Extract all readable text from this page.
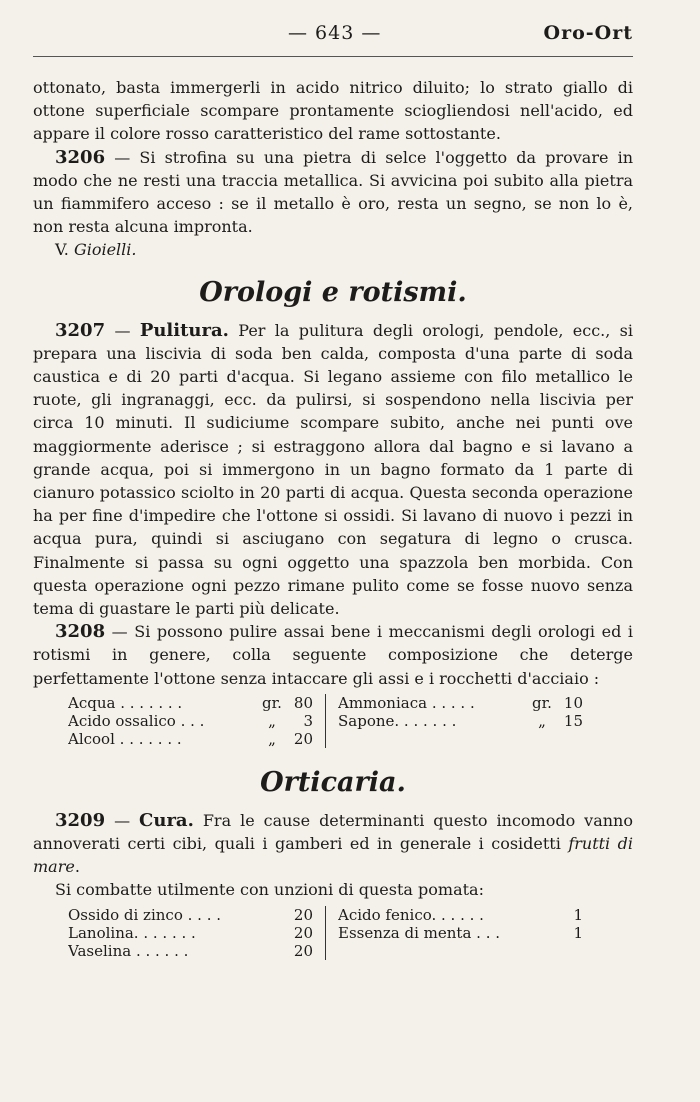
— 643 —	Oro-Ort

ottonato, basta immergerli in acido nitrico diluito; lo strato giallo di ottone superficiale scompare prontamente sciogliendosi nell'acido, ed appare il colore rosso caratteristico del rame sottostante.

3206 — Si strofina su una pietra di selce l'oggetto da provare in modo che ne resti una traccia metallica. Si avvicina poi subito alla pietra un fiammifero acceso : se il metallo è oro, resta un segno, se non lo è, non resta alcuna impronta.

V. Gioielli.

Orologi e rotismi.

3207 — Pulitura. Per la pulitura degli orologi, pendole, ecc., si prepara una liscivia di soda ben calda, composta d'una parte di soda caustica e di 20 parti d'acqua. Si legano assieme con filo metallico le ruote, gli ingranaggi, ecc. da pulirsi, si sospendono nella liscivia per circa 10 minuti. Il sudiciume scompare subito, anche nei punti ove maggiormente aderisce ; si estraggono allora dal bagno e si lavano a grande acqua, poi si immergono in un bagno formato da 1 parte di cianuro potassico sciolto in 20 parti di acqua. Questa seconda operazione ha per fine d'impedire che l'ottone si ossidi. Si lavano di nuovo i pezzi in acqua pura, quindi si asciugano con segatura di legno o crusca. Finalmente si passa su ogni oggetto una spazzola ben morbida. Con questa operazione ogni pezzo rimane pulito come se fosse nuovo senza tema di guastare le parti più delicate.

3208 — Si possono pulire assai bene i meccanismi degli orologi ed i rotismi in genere, colla seguente composizione che deterge perfettamente l'ottone senza intaccare gli assi e i rocchetti d'acciaio :

Acqua . . . . . . .	gr. 80
Acido ossalico . . .	„	3
Alcool . . . . . . .	„	20
Ammoniaca . . . . .	gr. 10
Sapone. . . . . . .	„	15
Orticaria.

3209 — Cura. Fra le cause determinanti questo incomodo vanno annoverati certi cibi, quali i gamberi ed in generale i cosidetti frutti di mare.

Si combatte utilmente con unzioni di questa pomata:

Ossido di zinco . . . .	20
Lanolina. . . . . . .	20
Vaselina . . . . . .	20
Acido fenico. . . . . .	1
Essenza di menta . . .	1
